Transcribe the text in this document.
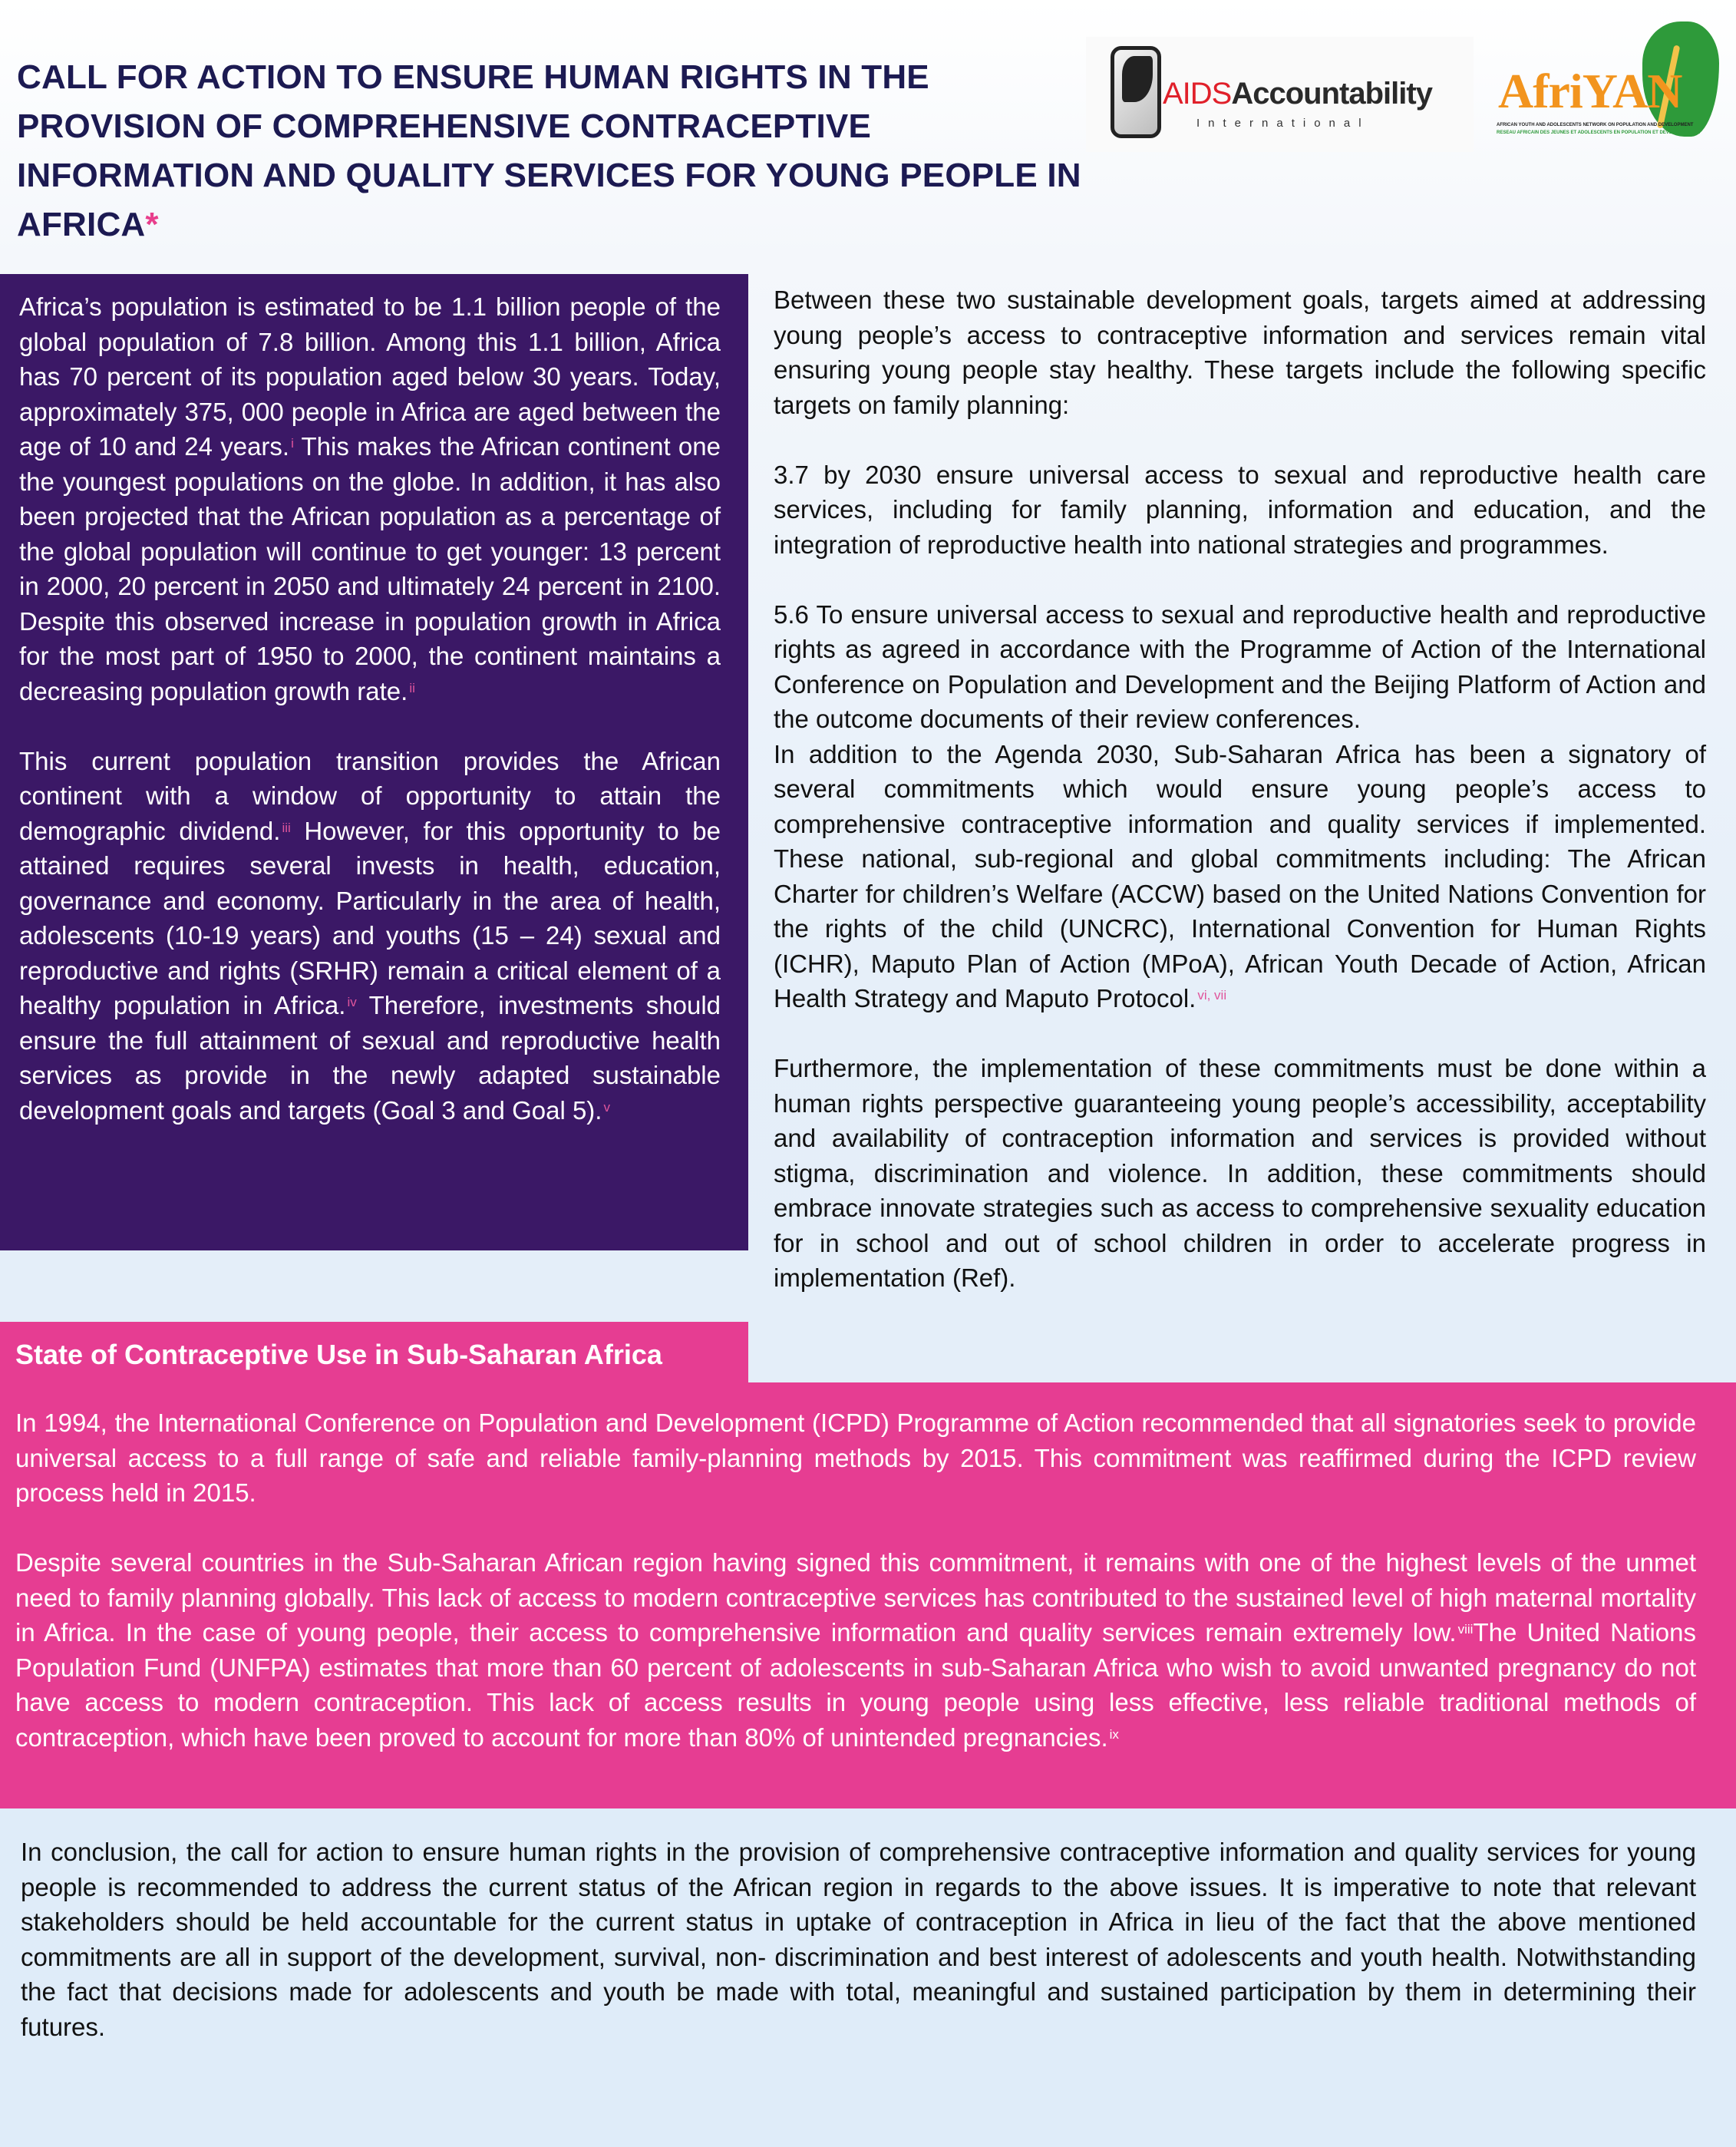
CALL FOR ACTION TO ENSURE HUMAN RIGHTS IN THE PROVISION OF COMPREHENSIVE CONTRACEPTIVE INFORMATION AND QUALITY SERVICES FOR YOUNG PEOPLE IN AFRICA*
AIDSAccountability
International
AfriYAN
AFRICAN YOUTH AND ADOLESCENTS NETWORK ON POPULATION AND DEVELOPMENT
RESEAU AFRICAIN DES JEUNES ET ADOLESCENTS EN POPULATION ET DEVELOPPEMENT

Africa’s population is estimated to be 1.1 billion people of the global population of 7.8 billion. Among this 1.1 billion, Africa has 70 percent of its population aged below 30 years. Today, approximately 375, 000 people in Africa are aged between the age of 10 and 24 years. $^i$ This makes the African continent one the youngest populations on the globe. In addition, it has also been projected that the African population as a percentage of the global population will continue to get younger: 13 percent in 2000, 20 percent in 2050 and ultimately 24 percent in 2100. Despite this observed increase in population growth in Africa for the most part of 1950 to 2000, the continent maintains a decreasing population growth rate. $^{ii}$

This current population transition provides the African continent with a window of opportunity to attain the demographic dividend. $^{iii}$ However, for this opportunity to be attained requires several invests in health, education, governance and economy. Particularly in the area of health, adolescents (10-19 years) and youths (15 – 24) sexual and reproductive and rights (SRHR) remain a critical element of a healthy population in Africa. $^{iv}$ Therefore, investments should ensure the full attainment of sexual and reproductive health services as provide in the newly adapted sustainable development goals and targets (Goal 3 and Goal 5). $^v$

Between these two sustainable development goals, targets aimed at addressing young people’s access to contraceptive information and services remain vital ensuring young people stay healthy. These targets include the following specific targets on family planning:

3.7 by 2030 ensure universal access to sexual and reproductive health care services, including for family planning, information and education, and the integration of reproductive health into national strategies and programmes.

5.6 To ensure universal access to sexual and reproductive health and reproductive rights as agreed in accordance with the Programme of Action of the International Conference on Population and Development and the Beijing Platform of Action and the outcome documents of their review conferences.

In addition to the Agenda 2030, Sub-Saharan Africa has been a signatory of several commitments which would ensure young people’s access to comprehensive contraceptive information and quality services if implemented. These national, sub-regional and global commitments including: The African Charter for children’s Welfare (ACCW) based on the United Nations Convention for the rights of the child (UNCRC), International Convention for Human Rights (ICHR), Maputo Plan of Action (MPoA), African Youth Decade of Action, African Health Strategy and Maputo Protocol. $^{vi, vii}$

Furthermore, the implementation of these commitments must be done within a human rights perspective guaranteeing young people’s accessibility, acceptability and availability of contraception information and services is provided without stigma, discrimination and violence. In addition, these commitments should embrace innovate strategies such as access to comprehensive sexuality education for in school and out of school children in order to accelerate progress in implementation (Ref).

State of Contraceptive Use in Sub-Saharan Africa

In 1994, the International Conference on Population and Development (ICPD) Programme of Action recommended that all signatories seek to provide universal access to a full range of safe and reliable family-planning methods by 2015. This commitment was reaffirmed during the ICPD review process held in 2015.

Despite several countries in the Sub-Saharan African region having signed this commitment, it remains with one of the highest levels of the unmet need to family planning globally. This lack of access to modern contraceptive services has contributed to the sustained level of high maternal mortality in Africa. In the case of young people, their access to comprehensive information and quality services remain extremely low. $^{viii}$The United Nations Population Fund (UNFPA) estimates that more than 60 percent of adolescents in sub-Saharan Africa who wish to avoid unwanted pregnancy do not have access to modern contraception. This lack of access results in young people using less effective, less reliable traditional methods of contraception, which have been proved to account for more than 80% of unintended pregnancies. $^{ix}$

In conclusion, the call for action to ensure human rights in the provision of comprehensive contraceptive information and quality services for young people is recommended to address the current status of the African region in regards to the above issues. It is imperative to note that relevant stakeholders should be held accountable for the current status in uptake of contraception in Africa in lieu of the fact that the above mentioned commitments are all in support of the development, survival, non- discrimination and best interest of adolescents and youth health. Notwithstanding the fact that decisions made for adolescents and youth be made with total, meaningful and sustained participation by them in determining their futures.
